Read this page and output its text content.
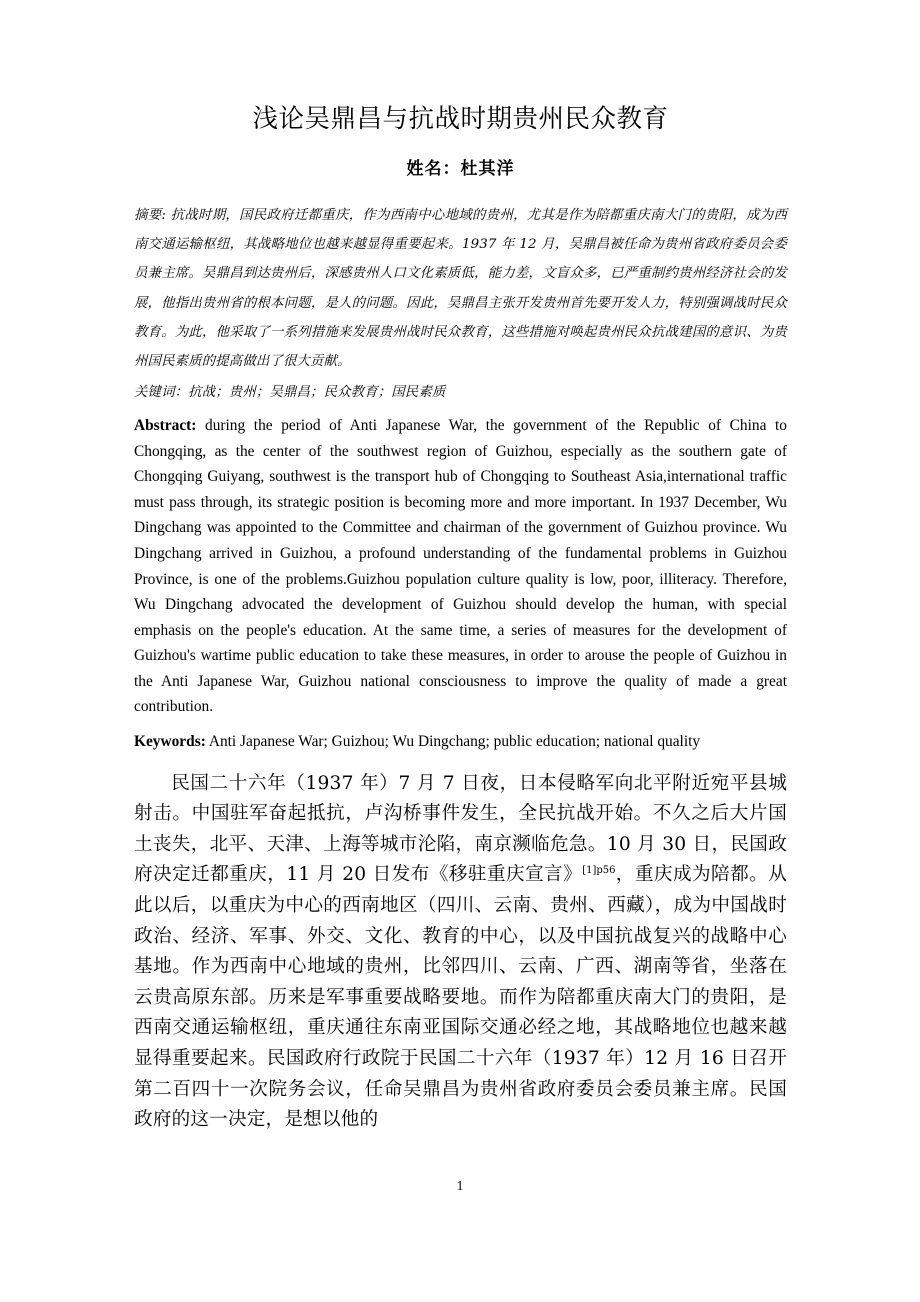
浅论吴鼎昌与抗战时期贵州民众教育
姓名：杜其洋

摘要: 抗战时期，国民政府迁都重庆，作为西南中心地域的贵州，尤其是作为陪都重庆南大门的贵阳，成为西南交通运输枢纽，其战略地位也越来越显得重要起来。1937 年 12 月，吴鼎昌被任命为贵州省政府委员会委员兼主席。吴鼎昌到达贵州后，深感贵州人口文化素质低，能力差，文盲众多，已严重制约贵州经济社会的发展，他指出贵州省的根本问题，是人的问题。因此，吴鼎昌主张开发贵州首先要开发人力，特别强调战时民众教育。为此，他采取了一系列措施来发展贵州战时民众教育，这些措施对唤起贵州民众抗战建国的意识、为贵州国民素质的提高做出了很大贡献。

关键词：抗战；贵州；吴鼎昌；民众教育；国民素质

Abstract: during the period of Anti Japanese War, the government of the Republic of China to Chongqing, as the center of the southwest region of Guizhou, especially as the southern gate of Chongqing Guiyang, southwest is the transport hub of Chongqing to Southeast Asia,international traffic must pass through, its strategic position is becoming more and more important. In 1937 December, Wu Dingchang was appointed to the Committee and chairman of the government of Guizhou province. Wu Dingchang arrived in Guizhou, a profound understanding of the fundamental problems in Guizhou Province, is one of the problems.Guizhou population culture quality is low, poor, illiteracy. Therefore, Wu Dingchang advocated the development of Guizhou should develop the human, with special emphasis on the people's education. At the same time, a series of measures for the development of Guizhou's wartime public education to take these measures, in order to arouse the people of Guizhou in the Anti Japanese War, Guizhou national consciousness to improve the quality of made a great contribution.

Keywords: Anti Japanese War; Guizhou; Wu Dingchang; public education; national quality

民国二十六年（1937 年）7 月 7 日夜，日本侵略军向北平附近宛平县城射击。中国驻军奋起抵抗，卢沟桥事件发生，全民抗战开始。不久之后大片国土丧失，北平、天津、上海等城市沦陷，南京濒临危急。10 月 30 日，民国政府决定迁都重庆，11 月 20 日发布《移驻重庆宣言》$^{[1]p56}$，重庆成为陪都。从此以后，以重庆为中心的西南地区（四川、云南、贵州、西藏），成为中国战时政治、经济、军事、外交、文化、教育的中心，以及中国抗战复兴的战略中心基地。作为西南中心地域的贵州，比邻四川、云南、广西、湖南等省，坐落在云贵高原东部。历来是军事重要战略要地。而作为陪都重庆南大门的贵阳，是西南交通运输枢纽，重庆通往东南亚国际交通必经之地，其战略地位也越来越显得重要起来。民国政府行政院于民国二十六年（1937 年）12 月 16 日召开第二百四十一次院务会议，任命吴鼎昌为贵州省政府委员会委员兼主席。民国政府的这一决定，是想以他的

1
